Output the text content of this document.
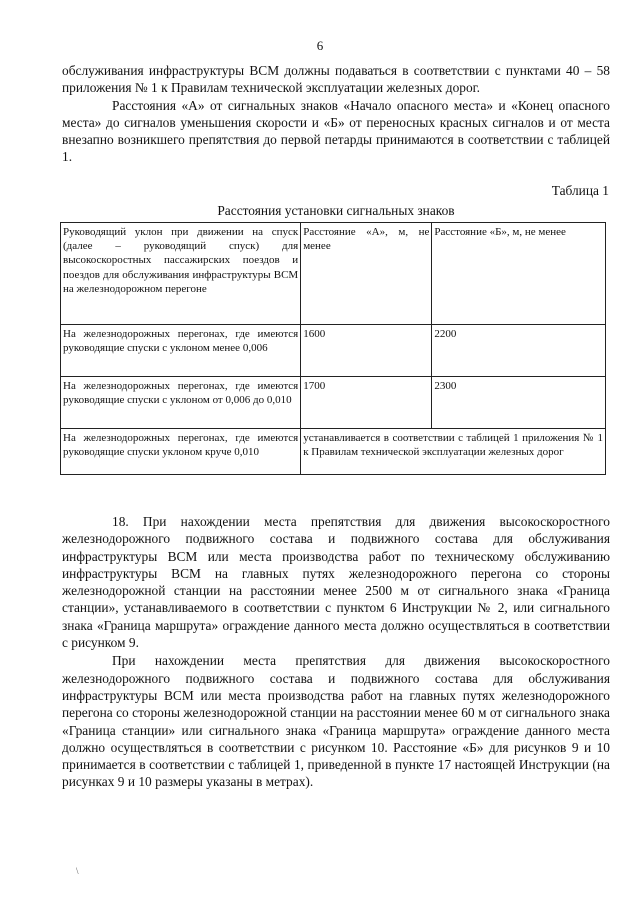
6

обслуживания инфраструктуры ВСМ должны подаваться в соответствии с пунктами 40 – 58 приложения № 1 к Правилам технической эксплуатации железных дорог.

Расстояния «А» от сигнальных знаков «Начало опасного места» и «Конец опасного места» до сигналов уменьшения скорости и «Б» от переносных красных сигналов и от места внезапно возникшего препятствия до первой петарды принимаются в соответствии с таблицей 1.

Таблица 1
Расстояния установки сигнальных знаков
Руководящий уклон при движении на спуск (далее – руководящий спуск) для высокоскоростных пассажирских поездов и поездов для обслуживания инфраструктуры ВСМ на железнодорожном перегоне	Расстояние «А», м, не менее	Расстояние «Б», м, не менее
На железнодорожных перегонах, где имеются руководящие спуски с уклоном менее 0,006	1600	2200
На железнодорожных перегонах, где имеются руководящие спуски с уклоном от 0,006 до 0,010	1700	2300
На железнодорожных перегонах, где имеются руководящие спуски уклоном круче 0,010	устанавливается в соответствии с таблицей 1 приложения № 1 к Правилам технической эксплуатации железных дорог	

18. При нахождении места препятствия для движения высокоскоростного железнодорожного подвижного состава и подвижного состава для обслуживания инфраструктуры ВСМ или места производства работ по техническому обслуживанию инфраструктуры ВСМ на главных путях железнодорожного перегона со стороны железнодорожной станции на расстоянии менее 2500 м от сигнального знака «Граница станции», устанавливаемого в соответствии с пунктом 6 Инструкции № 2, или сигнального знака «Граница маршрута» ограждение данного места должно осуществляться в соответствии с рисунком 9.

При нахождении места препятствия для движения высокоскоростного железнодорожного подвижного состава и подвижного состава для обслуживания инфраструктуры ВСМ или места производства работ на главных путях железнодорожного перегона со стороны железнодорожной станции на расстоянии менее 60 м от сигнального знака «Граница станции» или сигнального знака «Граница маршрута» ограждение данного места должно осуществляться в соответствии с рисунком 10. Расстояние «Б» для рисунков 9 и 10 принимается в соответствии с таблицей 1, приведенной в пункте 17 настоящей Инструкции (на рисунках 9 и 10 размеры указаны в метрах).

\
